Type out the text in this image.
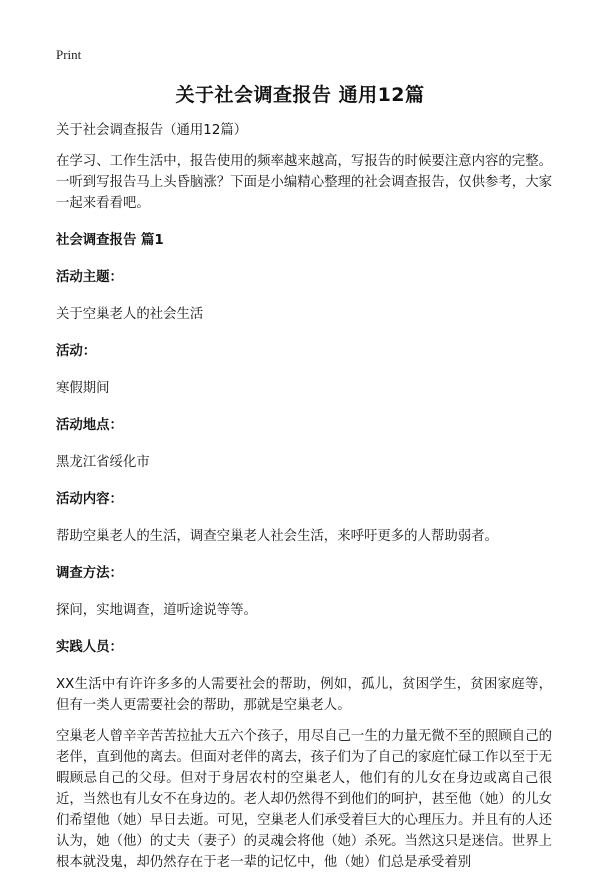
Print
关于社会调查报告 通用12篇

关于社会调查报告（通用12篇）

在学习、工作生活中，报告使用的频率越来越高，写报告的时候要注意内容的完整。一听到写报告马上头昏脑涨？下面是小编精心整理的社会调查报告，仅供参考，大家一起来看看吧。

社会调查报告 篇1

活动主题：

关于空巢老人的社会生活

活动：

寒假期间

活动地点：

黑龙江省绥化市

活动内容：

帮助空巢老人的生活，调查空巢老人社会生活，来呼吁更多的人帮助弱者。

调查方法：

探问，实地调查，道听途说等等。

实践人员：

XX生活中有许许多多的人需要社会的帮助，例如，孤儿，贫困学生，贫困家庭等，但有一类人更需要社会的帮助，那就是空巢老人。

空巢老人曾辛辛苦苦拉扯大五六个孩子，用尽自己一生的力量无微不至的照顾自己的老伴，直到他的离去。但面对老伴的离去，孩子们为了自己的家庭忙碌工作以至于无暇顾忌自己的父母。但对于身居农村的空巢老人，他们有的儿女在身边或离自己很近，当然也有儿女不在身边的。老人却仍然得不到他们的呵护，甚至他（她）的儿女们希望他（她）早日去逝。可见，空巢老人们承受着巨大的心理压力。并且有的人还认为，她（他）的丈夫（妻子）的灵魂会将他（她）杀死。当然这只是迷信。世界上根本就没鬼，却仍然存在于老一辈的记忆中，他（她）们总是承受着别
